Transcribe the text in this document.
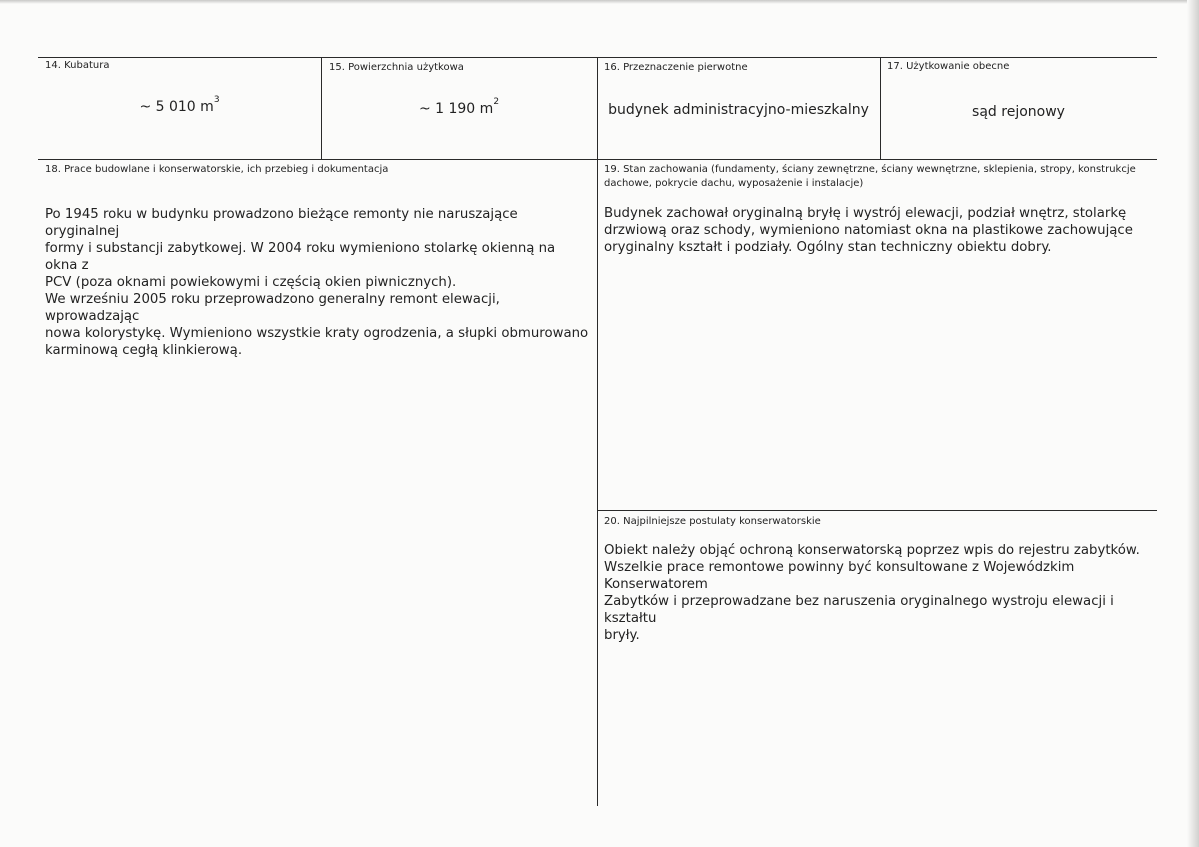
14. Kubatura
~ 5 010 $m^3$
15. Powierzchnia użytkowa
~ 1 190 $m^2$
16. Przeznaczenie pierwotne
budynek administracyjno-mieszkalny
17. Użytkowanie obecne
sąd rejonowy
18. Prace budowlane i konserwatorskie, ich przebieg i dokumentacja

Po 1945 roku w budynku prowadzono bieżące remonty nie naruszające oryginalnej

formy i substancji zabytkowej. W 2004 roku wymieniono stolarkę okienną na okna z

PCV (poza oknami powiekowymi i częścią okien piwnicznych).

We wrześniu 2005 roku przeprowadzono generalny remont elewacji, wprowadzając

nowa kolorystykę. Wymieniono wszystkie kraty ogrodzenia, a słupki obmurowano

karminową cegłą klinkierową.

19. Stan zachowania (fundamenty, ściany zewnętrzne, ściany wewnętrzne, sklepienia, stropy, konstrukcje
dachowe, pokrycie dachu, wyposażenie i instalacje)

Budynek zachował oryginalną bryłę i wystrój elewacji, podział wnętrz, stolarkę

drzwiową oraz schody, wymieniono natomiast okna na plastikowe zachowujące

oryginalny kształt i podziały. Ogólny stan techniczny obiektu dobry.

20. Najpilniejsze postulaty konserwatorskie

Obiekt należy objąć ochroną konserwatorską poprzez wpis do rejestru zabytków.

Wszelkie prace remontowe powinny być konsultowane z Wojewódzkim Konserwatorem

Zabytków i przeprowadzane bez naruszenia oryginalnego wystroju elewacji i kształtu

bryły.
